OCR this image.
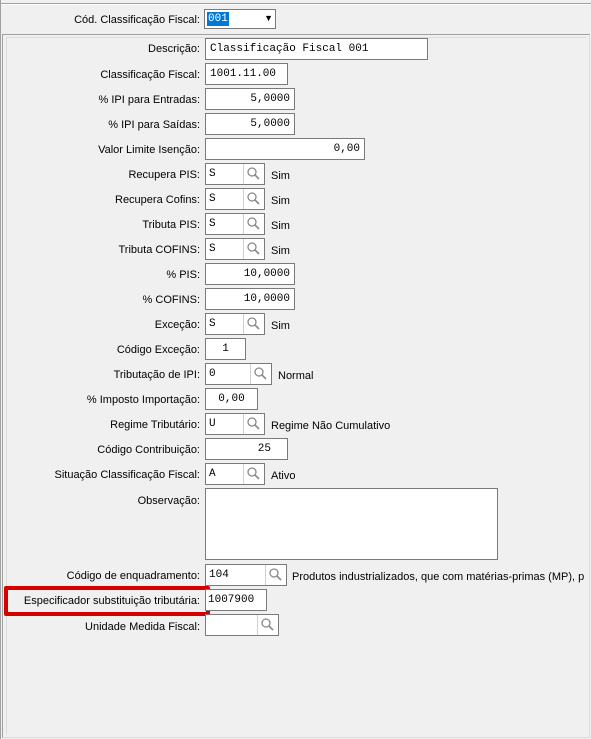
Cód. Classificação Fiscal: 001	▼
Descrição: Classificação Fiscal 001
Classificação Fiscal: 1001.11.00
% IPI para Entradas:	5,0000
% IPI para Saídas:	5,0000
Valor Limite Isenção:	0,00
Recupera PIS: S	Sim
Recupera Cofins: S	Sim
Tributa PIS: S	Sim
Tributa COFINS: S	Sim
% PIS:	10,0000
% COFINS:	10,0000
Exceção: S	Sim
Código Exceção:	1
Tributação de IPI: 0	Normal
% Imposto Importação:	0,00
Regime Tributário: U	Regime Não Cumulativo
Código Contribuição:	25
Situação Classificação Fiscal: A	Ativo
Observação:
Código de enquadramento: 104	Produtos industrializados, que com matérias-primas (MP), p
Especificador substituição tributária: 1007900
Unidade Medida Fiscal:
